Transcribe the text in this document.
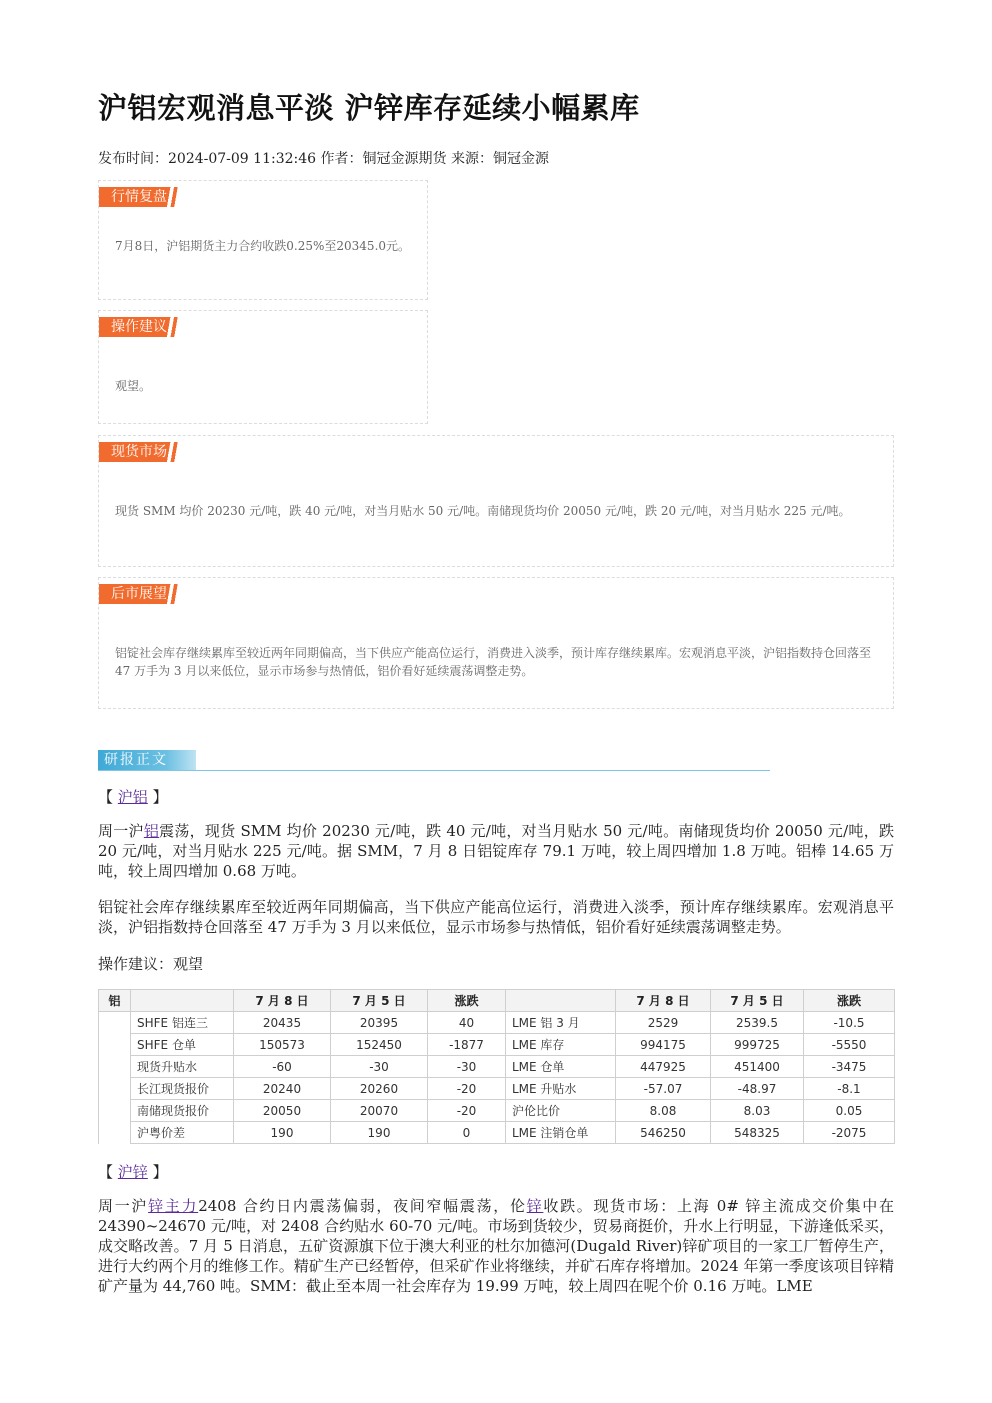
沪铝宏观消息平淡 沪锌库存延续小幅累库
发布时间：2024-07-09 11:32:46 作者：铜冠金源期货 来源：铜冠金源
行情复盘
7月8日，沪铝期货主力合约收跌0.25%至20345.0元。
操作建议
观望。
现货市场
现货 SMM 均价 20230 元/吨，跌 40 元/吨，对当月贴水 50 元/吨。南储现货均价 20050 元/吨，跌 20 元/吨，对当月贴水 225 元/吨。
后市展望
铝锭社会库存继续累库至较近两年同期偏高，当下供应产能高位运行，消费进入淡季，预计库存继续累库。宏观消息平淡，沪铝指数持仓回落至 47 万手为 3 月以来低位，显示市场参与热情低，铝价看好延续震荡调整走势。
研报正文
【 沪铝 】
周一沪铝震荡，现货 SMM 均价 20230 元/吨，跌 40 元/吨，对当月贴水 50 元/吨。南储现货均价 20050 元/吨，跌 20 元/吨，对当月贴水 225 元/吨。据 SMM，7 月 8 日铝锭库存 79.1 万吨，较上周四增加 1.8 万吨。铝棒 14.65 万吨，较上周四增加 0.68 万吨。
铝锭社会库存继续累库至较近两年同期偏高，当下供应产能高位运行，消费进入淡季，预计库存继续累库。宏观消息平淡，沪铝指数持仓回落至 47 万手为 3 月以来低位，显示市场参与热情低，铝价看好延续震荡调整走势。
操作建议：观望
铝		7 月 8 日	7 月 5 日	涨跌		7 月 8 日	7 月 5 日	涨跌
	SHFE 铝连三	20435	20395	40	LME 铝 3 月	2529	2539.5	-10.5
	SHFE 仓单	150573	152450	-1877	LME 库存	994175	999725	-5550
	现货升贴水	-60	-30	-30	LME 仓单	447925	451400	-3475
	长江现货报价	20240	20260	-20	LME 升贴水	-57.07	-48.97	-8.1
	南储现货报价	20050	20070	-20	沪伦比价	8.08	8.03	0.05
	沪粤价差	190	190	0	LME 注销仓单	546250	548325	-2075
【 沪锌 】
周一沪锌主力2408 合约日内震荡偏弱，夜间窄幅震荡，伦锌收跌。现货市场：上海 0# 锌主流成交价集中在 24390~24670 元/吨，对 2408 合约贴水 60-70 元/吨。市场到货较少，贸易商挺价，升水上行明显，下游逢低采买，成交略改善。7 月 5 日消息，五矿资源旗下位于澳大利亚的杜尔加德河(Dugald River)锌矿项目的一家工厂暂停生产，进行大约两个月的维修工作。精矿生产已经暂停，但采矿作业将继续，并矿石库存将增加。2024 年第一季度该项目锌精矿产量为 44,760 吨。SMM：截止至本周一社会库存为 19.99 万吨，较上周四在呢个价 0.16 万吨。LME
